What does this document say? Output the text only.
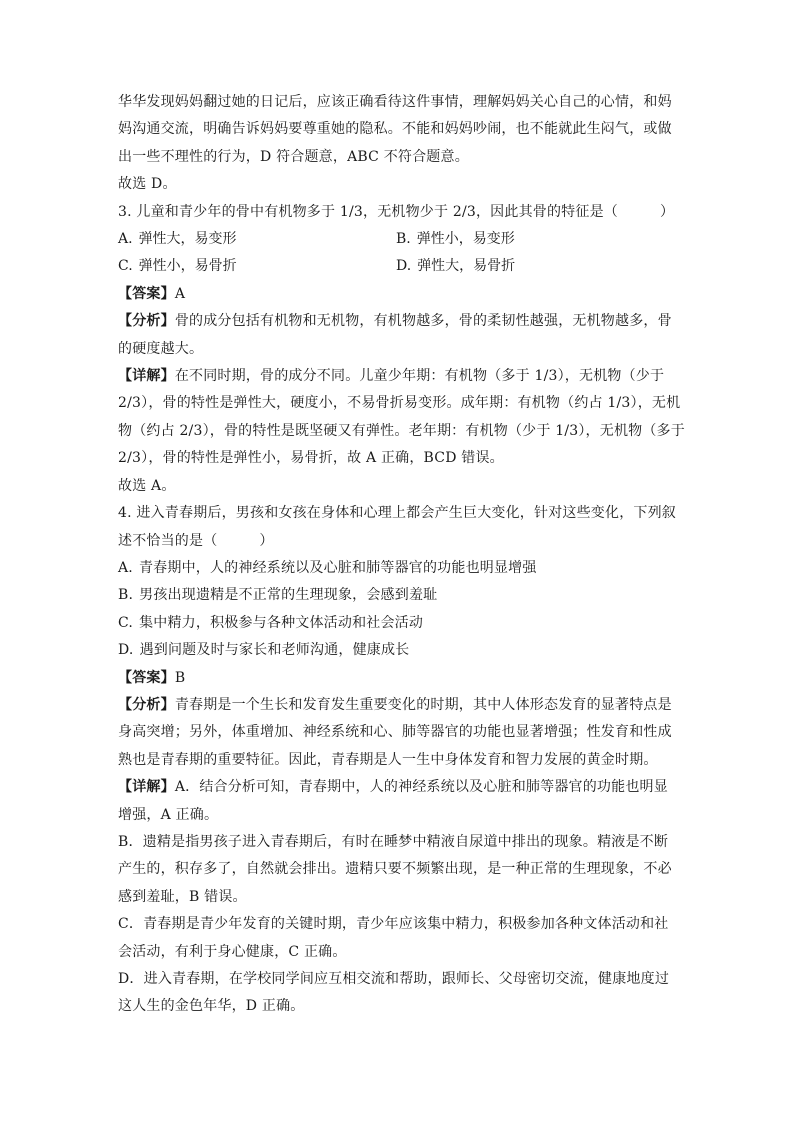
华华发现妈妈翻过她的日记后，应该正确看待这件事情，理解妈妈关心自己的心情，和妈
妈沟通交流，明确告诉妈妈要尊重她的隐私。不能和妈妈吵闹，也不能就此生闷气，或做
出一些不理性的行为，D 符合题意，ABC 不符合题意。
故选 D。
3. 儿童和青少年的骨中有机物多于 1/3，无机物少于 2/3，因此其骨的特征是（	）
A. 弹性大，易变形	B. 弹性小，易变形
C. 弹性小，易骨折	D. 弹性大，易骨折
【答案】A
【分析】骨的成分包括有机物和无机物，有机物越多，骨的柔韧性越强，无机物越多，骨
的硬度越大。
【详解】在不同时期，骨的成分不同。儿童少年期：有机物（多于 1/3），无机物（少于
2/3），骨的特性是弹性大，硬度小，不易骨折易变形。成年期：有机物（约占 1/3），无机
物（约占 2/3），骨的特性是既坚硬又有弹性。老年期：有机物（少于 1/3），无机物（多于
2/3），骨的特性是弹性小，易骨折，故 A 正确，BCD 错误。
故选 A。
4. 进入青春期后，男孩和女孩在身体和心理上都会产生巨大变化，针对这些变化，下列叙
述不恰当的是（	）
A. 青春期中，人的神经系统以及心脏和肺等器官的功能也明显增强
B. 男孩出现遗精是不正常的生理现象，会感到羞耻
C. 集中精力，积极参与各种文体活动和社会活动
D. 遇到问题及时与家长和老师沟通，健康成长
【答案】B
【分析】青春期是一个生长和发育发生重要变化的时期，其中人体形态发育的显著特点是
身高突增；另外，体重增加、神经系统和心、肺等器官的功能也显著增强；性发育和性成
熟也是青春期的重要特征。因此，青春期是人一生中身体发育和智力发展的黄金时期。
【详解】A．结合分析可知，青春期中，人的神经系统以及心脏和肺等器官的功能也明显
增强，A 正确。
B．遗精是指男孩子进入青春期后，有时在睡梦中精液自尿道中排出的现象。精液是不断
产生的，积存多了，自然就会排出。遗精只要不频繁出现，是一种正常的生理现象，不必
感到羞耻，B 错误。
C．青春期是青少年发育的关键时期，青少年应该集中精力，积极参加各种文体活动和社
会活动，有利于身心健康，C 正确。
D．进入青春期，在学校同学间应互相交流和帮助，跟师长、父母密切交流，健康地度过
这人生的金色年华，D 正确。
